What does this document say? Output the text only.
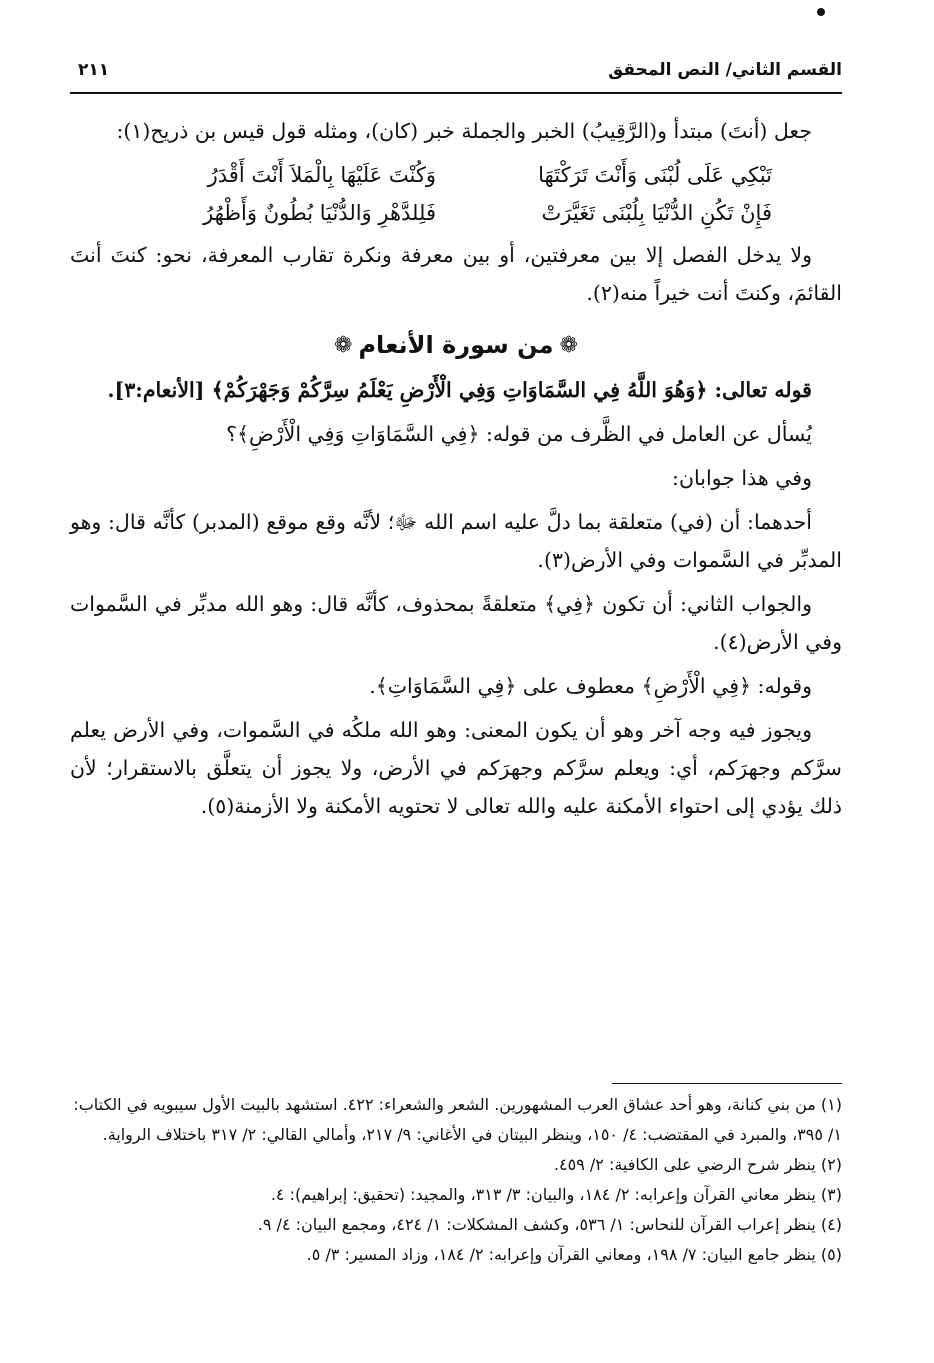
القسم الثاني/ النص المحقق
٢١١

جعل (أنتَ) مبتدأ و(الرَّقِيبُ) الخبر والجملة خبر (كان)، ومثله قول قيس بن ذريح(١):

تَبْكِي عَلَى لُبْنَى وَأَنْتَ تَرَكْتَهَا
وَكُنْتَ عَلَيْهَا بِالْمَلاَ أَنْتَ أَقْدَرُ
فَإِنْ تَكُنِ الدُّنْيَا بِلُبْنَى تَغَيَّرَتْ
فَلِلدَّهْرِ وَالدُّنْيَا بُطُونٌ وَأَظْهُرُ

ولا يدخل الفصل إلا بين معرفتين، أو بين معرفة ونكرة تقارب المعرفة، نحو: كنتَ أنتَ القائمَ، وكنتَ أنت خيراً منه(٢).

❁من سورة الأنعام❁

قوله تعالى: ﴿وَهُوَ اللَّهُ فِي السَّمَاوَاتِ وَفِي الْأَرْضِ يَعْلَمُ سِرَّكُمْ وَجَهْرَكُمْ﴾ [الأنعام:٣].

يُسأل عن العامل في الظَّرف من قوله: ﴿فِي السَّمَاوَاتِ وَفِي الْأَرْضِ﴾؟

وفي هذا جوابان:

أحدهما: أن (في) متعلقة بما دلَّ عليه اسم الله ﷻ؛ لأنَّه وقع موقع (المدبر) كأنَّه قال: وهو المدبِّر في السَّموات وفي الأرض(٣).

والجواب الثاني: أن تكون ﴿فِي﴾ متعلقةً بمحذوف، كأنَّه قال: وهو الله مدبِّر في السَّموات وفي الأرض(٤).

وقوله: ﴿فِي الْأَرْضِ﴾ معطوف على ﴿فِي السَّمَاوَاتِ﴾.

ويجوز فيه وجه آخر وهو أن يكون المعنى: وهو الله ملكُه في السَّموات، وفي الأرض يعلم سرَّكم وجهرَكم، أي: ويعلم سرَّكم وجهرَكم في الأرض، ولا يجوز أن يتعلَّق بالاستقرار؛ لأن ذلك يؤدي إلى احتواء الأمكنة عليه والله تعالى لا تحتويه الأمكنة ولا الأزمنة(٥).

(١) من بني كنانة، وهو أحد عشاق العرب المشهورين. الشعر والشعراء: ٤٢٢. استشهد بالبيت الأول سيبويه في الكتاب: ١/ ٣٩٥، والمبرد في المقتضب: ٤/ ١٥٠، وينظر البيتان في الأغاني: ٩/ ٢١٧، وأمالي القالي: ٢/ ٣١٧ باختلاف الرواية.

(٢) ينظر شرح الرضي على الكافية: ٢/ ٤٥٩.

(٣) ينظر معاني القرآن وإعرابه: ٢/ ١٨٤، والبيان: ٣/ ٣١٣، والمجيد: (تحقيق: إبراهيم): ٤.

(٤) ينظر إعراب القرآن للنحاس: ١/ ٥٣٦، وكشف المشكلات: ١/ ٤٢٤، ومجمع البيان: ٤/ ٩.

(٥) ينظر جامع البيان: ٧/ ١٩٨، ومعاني القرآن وإعرابه: ٢/ ١٨٤، وزاد المسير: ٣/ ٥.
